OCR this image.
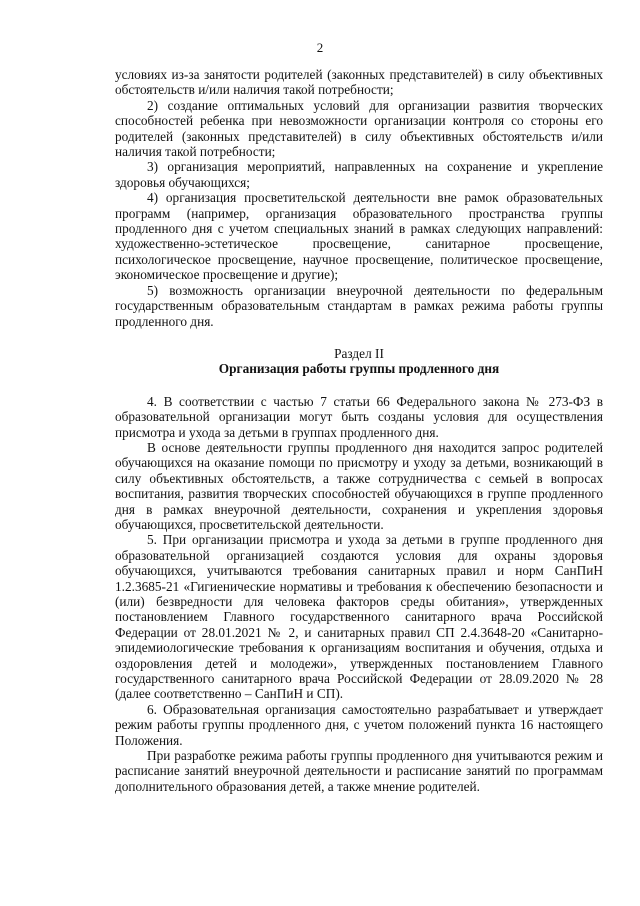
2

условиях из-за занятости родителей (законных представителей) в силу объективных обстоятельств и/или наличия такой потребности;

2) создание оптимальных условий для организации развития творческих способностей ребенка при невозможности организации контроля со стороны его родителей (законных представителей) в силу объективных обстоятельств и/или наличия такой потребности;

3) организация мероприятий, направленных на сохранение и укрепление здоровья обучающихся;

4) организация просветительской деятельности вне рамок образовательных программ (например, организация образовательного пространства группы продленного дня с учетом специальных знаний в рамках следующих направлений: художественно-эстетическое просвещение, санитарное просвещение, психологическое просвещение, научное просвещение, политическое просвещение, экономическое просвещение и другие);

5) возможность организации внеурочной деятельности по федеральным государственным образовательным стандартам в рамках режима работы группы продленного дня.

Раздел II

Организация работы группы продленного дня

4. В соответствии с частью 7 статьи 66 Федерального закона № 273-ФЗ в образовательной организации могут быть созданы условия для осуществления присмотра и ухода за детьми в группах продленного дня.

В основе деятельности группы продленного дня находится запрос родителей обучающихся на оказание помощи по присмотру и уходу за детьми, возникающий в силу объективных обстоятельств, а также сотрудничества с семьей в вопросах воспитания, развития творческих способностей обучающихся в группе продленного дня в рамках внеурочной деятельности, сохранения и укрепления здоровья обучающихся, просветительской деятельности.

5. При организации присмотра и ухода за детьми в группе продленного дня образовательной организацией создаются условия для охраны здоровья обучающихся, учитываются требования санитарных правил и норм СанПиН 1.2.3685-21 «Гигиенические нормативы и требования к обеспечению безопасности и (или) безвредности для человека факторов среды обитания», утвержденных постановлением Главного государственного санитарного врача Российской Федерации от 28.01.2021 № 2, и санитарных правил СП 2.4.3648-20 «Санитарно-эпидемиологические требования к организациям воспитания и обучения, отдыха и оздоровления детей и молодежи», утвержденных постановлением Главного государственного санитарного врача Российской Федерации от 28.09.2020 № 28 (далее соответственно – СанПиН и СП).

6. Образовательная организация самостоятельно разрабатывает и утверждает режим работы группы продленного дня, с учетом положений пункта 16 настоящего Положения.

При разработке режима работы группы продленного дня учитываются режим и расписание занятий внеурочной деятельности и расписание занятий по программам дополнительного образования детей, а также мнение родителей.
